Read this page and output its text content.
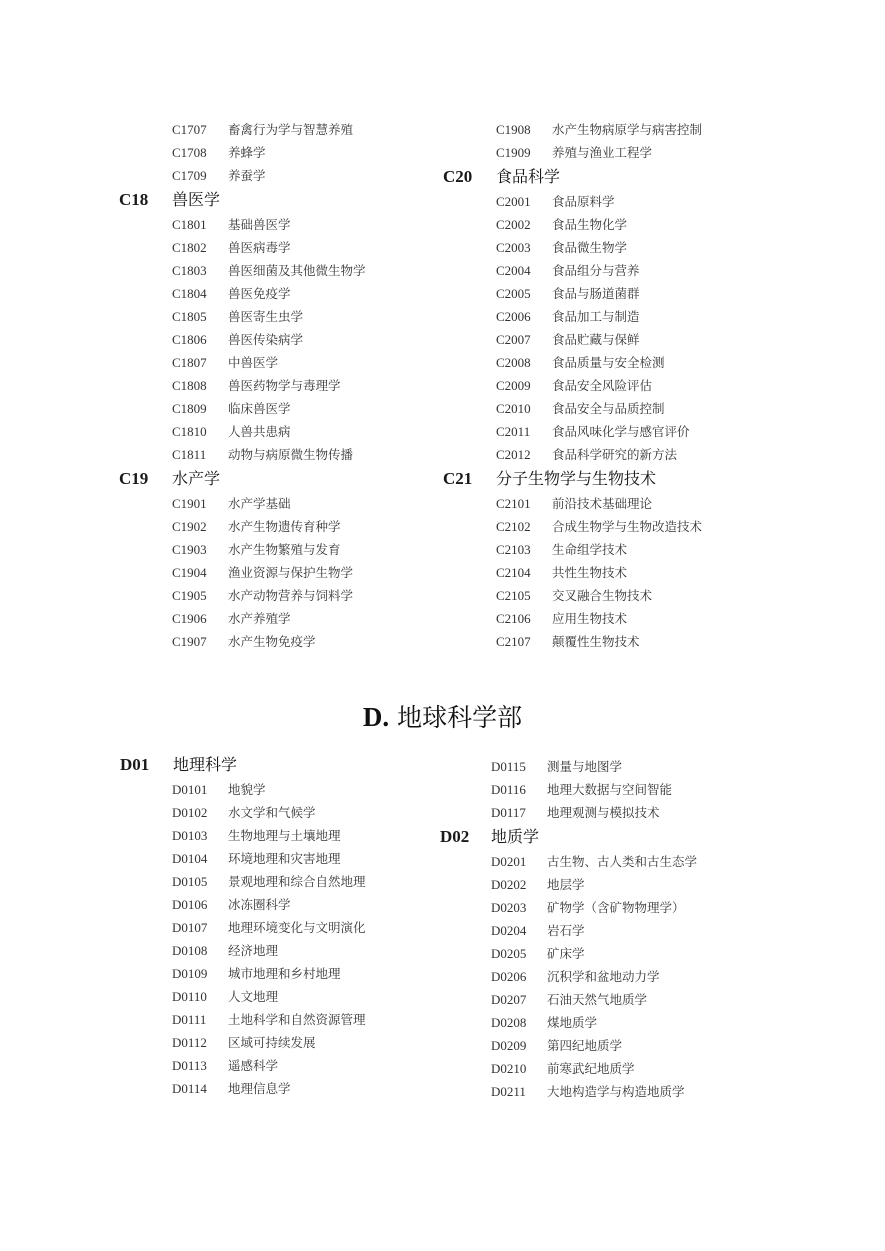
C1707	畜禽行为学与智慧养殖
C1708	养蜂学
C1709	养蚕学
C18	兽医学
C1801	基础兽医学
C1802	兽医病毒学
C1803	兽医细菌及其他微生物学
C1804	兽医免疫学
C1805	兽医寄生虫学
C1806	兽医传染病学
C1807	中兽医学
C1808	兽医药物学与毒理学
C1809	临床兽医学
C1810	人兽共患病
C1811	动物与病原微生物传播
C19	水产学
C1901	水产学基础
C1902	水产生物遗传育种学
C1903	水产生物繁殖与发育
C1904	渔业资源与保护生物学
C1905	水产动物营养与饲料学
C1906	水产养殖学
C1907	水产生物免疫学
C1908	水产生物病原学与病害控制
C1909	养殖与渔业工程学
C20	食品科学
C2001	食品原料学
C2002	食品生物化学
C2003	食品微生物学
C2004	食品组分与营养
C2005	食品与肠道菌群
C2006	食品加工与制造
C2007	食品贮藏与保鲜
C2008	食品质量与安全检测
C2009	食品安全风险评估
C2010	食品安全与品质控制
C2011	食品风味化学与感官评价
C2012	食品科学研究的新方法
C21	分子生物学与生物技术
C2101	前沿技术基础理论
C2102	合成生物学与生物改造技术
C2103	生命组学技术
C2104	共性生物技术
C2105	交叉融合生物技术
C2106	应用生物技术
C2107	颠覆性生物技术
D. 地球科学部
D01	地理科学
D0101	地貌学
D0102	水文学和气候学
D0103	生物地理与土壤地理
D0104	环境地理和灾害地理
D0105	景观地理和综合自然地理
D0106	冰冻圈科学
D0107	地理环境变化与文明演化
D0108	经济地理
D0109	城市地理和乡村地理
D0110	人文地理
D0111	土地科学和自然资源管理
D0112	区域可持续发展
D0113	遥感科学
D0114	地理信息学
D0115	测量与地图学
D0116	地理大数据与空间智能
D0117	地理观测与模拟技术
D02	地质学
D0201	古生物、古人类和古生态学
D0202	地层学
D0203	矿物学（含矿物物理学）
D0204	岩石学
D0205	矿床学
D0206	沉积学和盆地动力学
D0207	石油天然气地质学
D0208	煤地质学
D0209	第四纪地质学
D0210	前寒武纪地质学
D0211	大地构造学与构造地质学
